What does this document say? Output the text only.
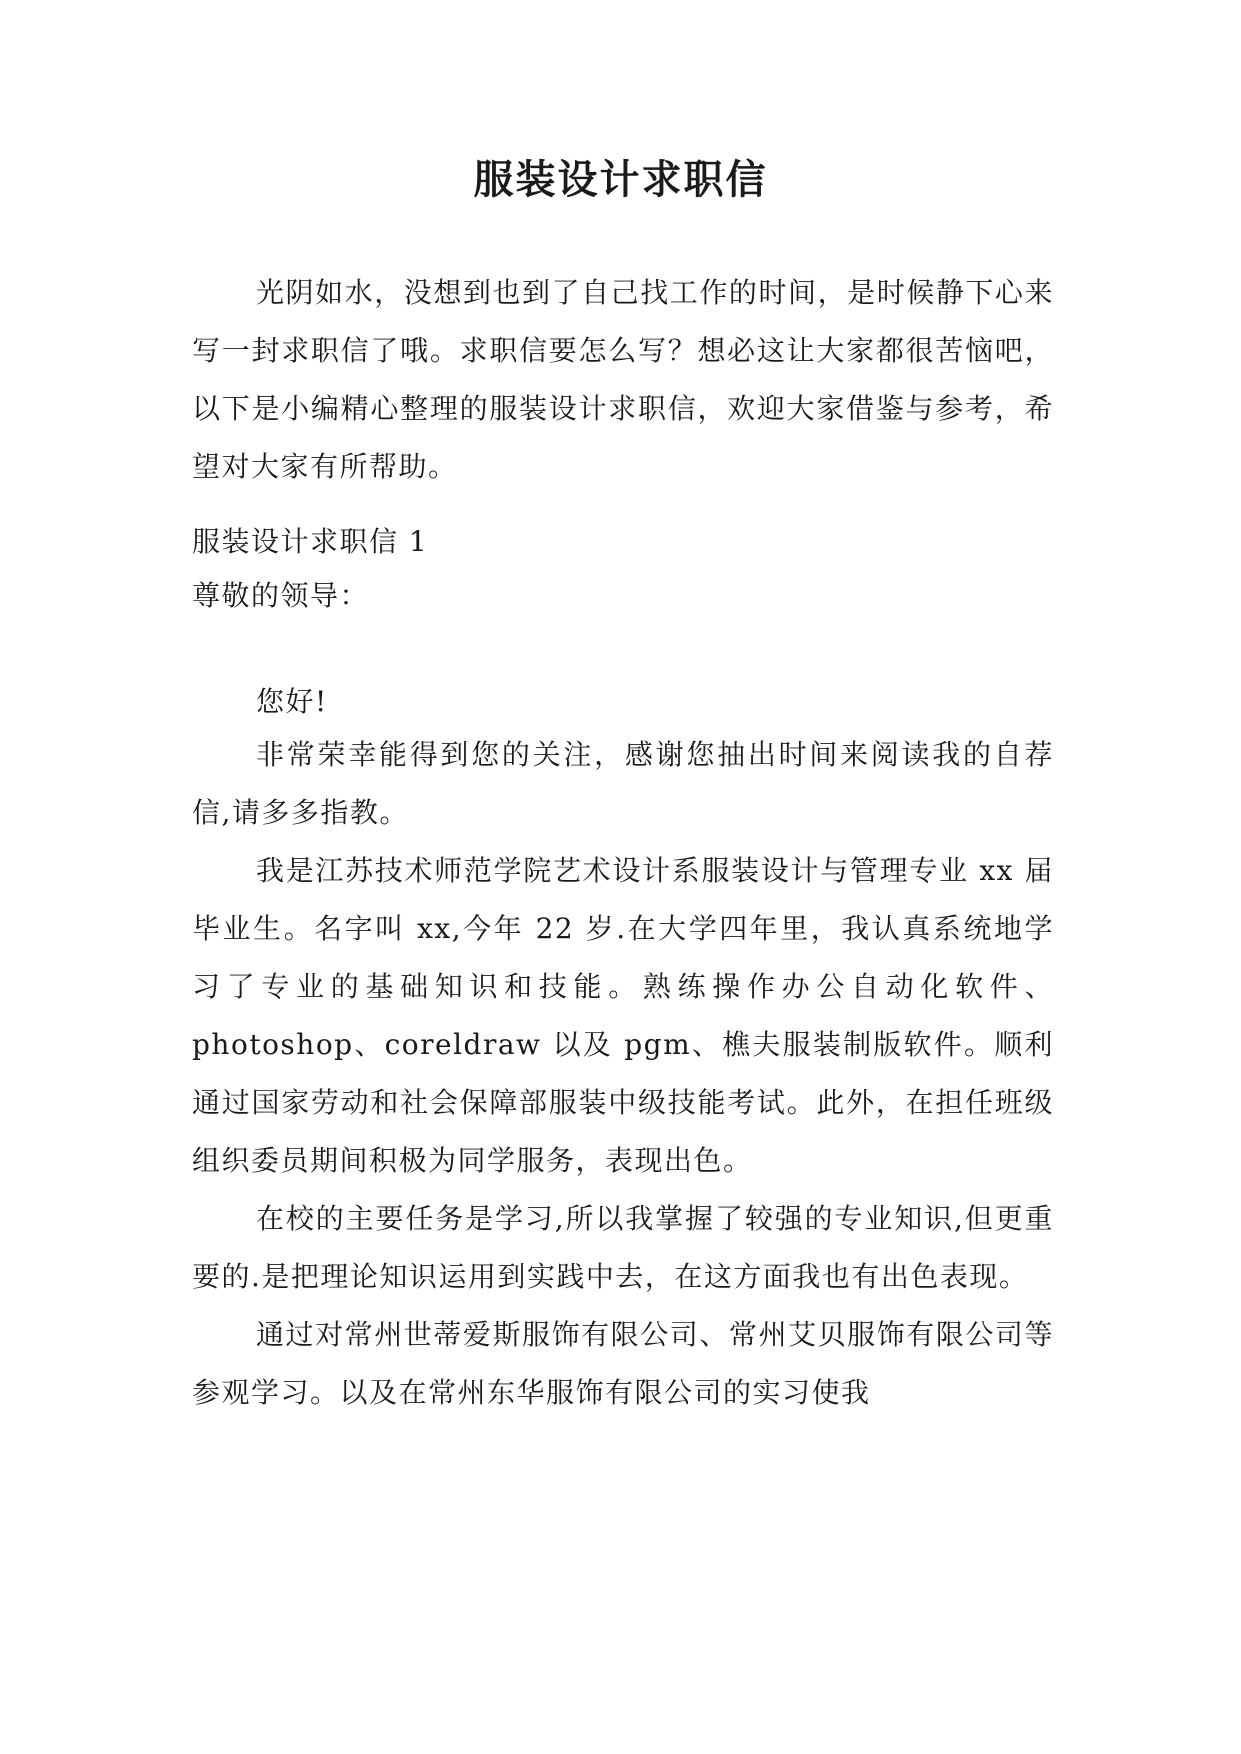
服装设计求职信

光阴如水，没想到也到了自己找工作的时间，是时候静下心来写一封求职信了哦。求职信要怎么写？想必这让大家都很苦恼吧，以下是小编精心整理的服装设计求职信，欢迎大家借鉴与参考，希望对大家有所帮助。

服装设计求职信 1

尊敬的领导：

您好!

非常荣幸能得到您的关注，感谢您抽出时间来阅读我的自荐信,请多多指教。

我是江苏技术师范学院艺术设计系服装设计与管理专业 xx 届毕业生。名字叫 xx,今年 22 岁.在大学四年里，我认真系统地学习了专业的基础知识和技能。熟练操作办公自动化软件、photoshop、coreldraw 以及 pgm、樵夫服装制版软件。顺利通过国家劳动和社会保障部服装中级技能考试。此外，在担任班级组织委员期间积极为同学服务，表现出色。

在校的主要任务是学习,所以我掌握了较强的专业知识,但更重要的.是把理论知识运用到实践中去，在这方面我也有出色表现。

通过对常州世蒂爱斯服饰有限公司、常州艾贝服饰有限公司等参观学习。以及在常州东华服饰有限公司的实习使我
